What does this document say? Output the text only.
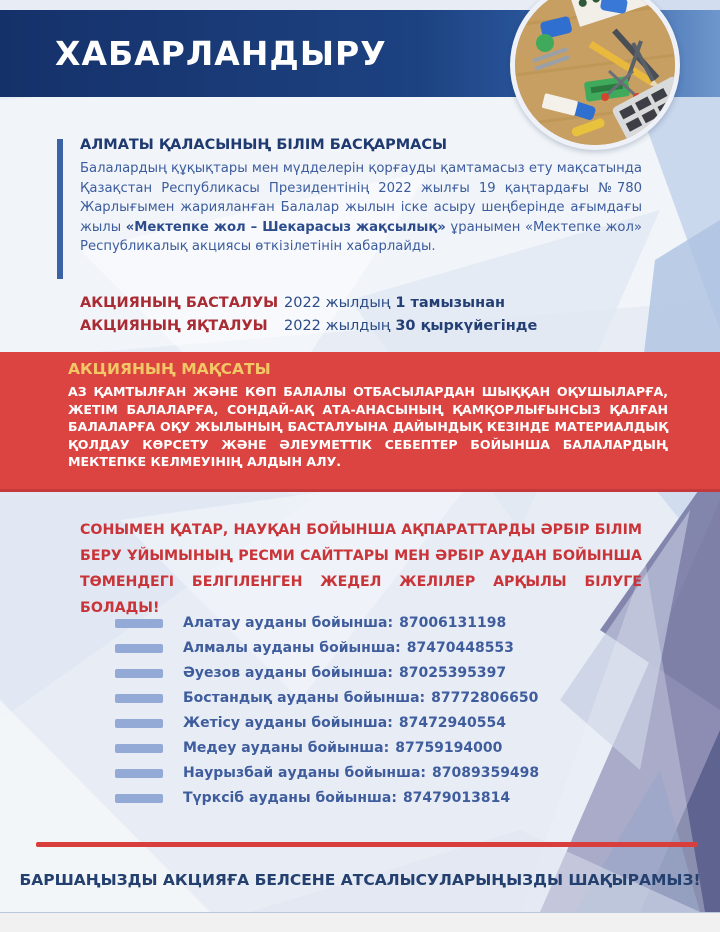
ХАБАРЛАНДЫРУ
АЛМАТЫ ҚАЛАСЫНЫҢ БІЛІМ БАСҚАРМАСЫ
Балалардың құқықтары мен мүдделерін қорғауды қамтамасыз ету мақсатында Қазақстан Республикасы Президентінің 2022 жылғы 19 қаңтардағы №780 Жарлығымен жарияланған Балалар жылын іске асыру шеңберінде ағымдағы жылы «Мектепке жол – Шекарасыз жақсылық» ұранымен «Мектепке жол» Республикалық акциясы өткізілетінін хабарлайды.
АКЦИЯНЫҢ БАСТАЛУЫ 2022 жылдың 1 тамызынан
АКЦИЯНЫҢ ЯҚТАЛУЫ 2022 жылдың 30 қыркүйегінде
АКЦИЯНЫҢ МАҚСАТЫ
АЗ ҚАМТЫЛҒАН ЖӘНЕ КӨП БАЛАЛЫ ОТБАСЫЛАРДАН ШЫҚҚАН ОҚУШЫЛАРҒА, ЖЕТІМ БАЛАЛАРҒА, СОНДАЙ-АҚ АТА-АНАСЫНЫҢ ҚАМҚОРЛЫҒЫНСЫЗ ҚАЛҒАН БАЛАЛАРҒА ОҚУ ЖЫЛЫНЫҢ БАСТАЛУЫНА ДАЙЫНДЫҚ КЕЗІНДЕ МАТЕРИАЛДЫҚ ҚОЛДАУ КӨРСЕТУ ЖӘНЕ ӘЛЕУМЕТТІК СЕБЕПТЕР БОЙЫНША БАЛАЛАРДЫҢ МЕКТЕПКЕ КЕЛМЕУІНІҢ АЛДЫН АЛУ.
СОНЫМЕН ҚАТАР, НАУҚАН БОЙЫНША АҚПАРАТТАРДЫ ӘРБІР БІЛІМ БЕРУ ҰЙЫМЫНЫҢ РЕСМИ САЙТТАРЫ МЕН ӘРБІР АУДАН БОЙЫНША ТӨМЕНДЕГІ БЕЛГІЛЕНГЕН ЖЕДЕЛ ЖЕЛІЛЕР АРҚЫЛЫ БІЛУГЕ БОЛАДЫ!
Алатау ауданы бойынша: 87006131198
Алмалы ауданы бойынша: 87470448553
Әуезов ауданы бойынша: 87025395397
Бостандық ауданы бойынша: 87772806650
Жетісу ауданы бойынша: 87472940554
Медеу ауданы бойынша: 87759194000
Наурызбай ауданы бойынша: 87089359498
Түрксіб ауданы бойынша: 87479013814
БАРШАҢЫЗДЫ АКЦИЯҒА БЕЛСЕНЕ АТСАЛЫСУЛАРЫҢЫЗДЫ ШАҚЫРАМЫЗ!
